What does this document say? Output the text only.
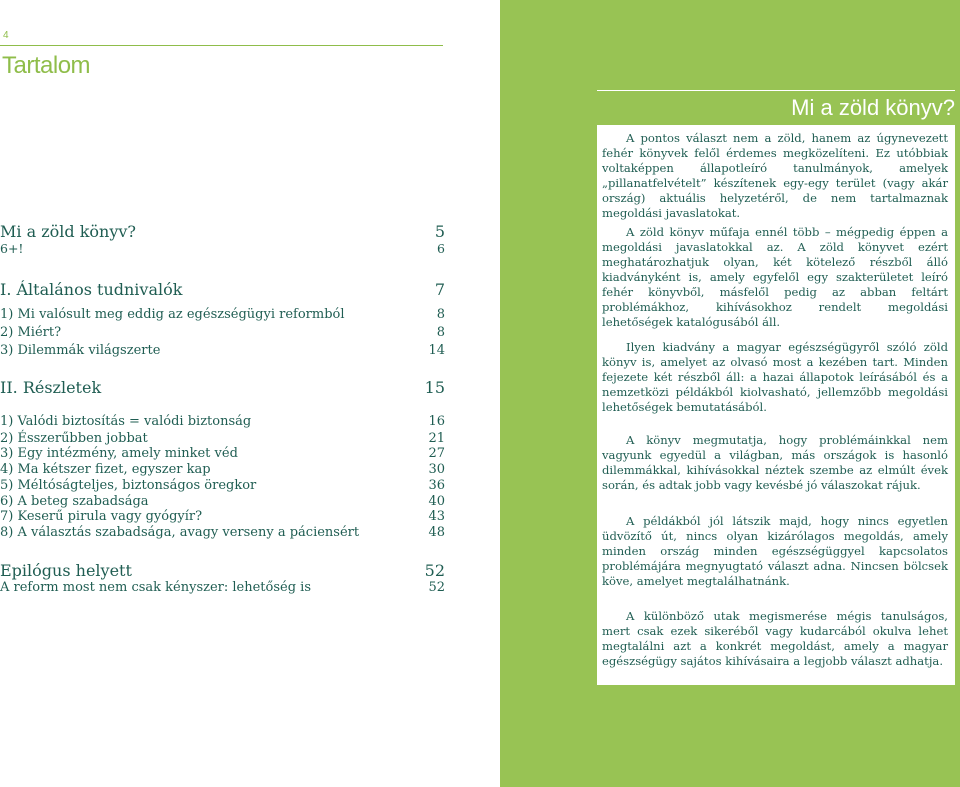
4
Tartalom
Mi a zöld könyv?	5
6+!	6
I. Általános tudnivalók	7
1) Mi valósult meg eddig az egészségügyi reformból	8
2) Miért?	8
3) Dilemmák világszerte	14
II. Részletek	15
1) Valódi biztosítás = valódi biztonság	16
2) Ésszerűbben jobbat	21
3) Egy intézmény, amely minket véd	27
4) Ma kétszer fizet, egyszer kap	30
5) Méltóságteljes, biztonságos öregkor	36
6) A beteg szabadsága	40
7) Keserű pirula vagy gyógyír?	43
8) A választás szabadsága, avagy verseny a páciensért	48
Epilógus helyett	52
A reform most nem csak kényszer: lehetőség is	52
Mi a zöld könyv?
A pontos választ nem a zöld, hanem az úgynevezett fehér könyvek felől érdemes megközelíteni. Ez utóbbiak voltaképpen állapotleíró tanulmányok, amelyek „pillanatfelvételt” készítenek egy-egy terület (vagy akár ország) aktuális helyzetéről, de nem tartalmaznak megoldási javaslatokat.
A zöld könyv műfaja ennél több – mégpedig éppen a megoldási javaslatokkal az. A zöld könyvet ezért meghatározhatjuk olyan, két kötelező részből álló kiadványként is, amely egyfelől egy szakterületet leíró fehér könyvből, másfelől pedig az abban feltárt problémákhoz, kihívásokhoz rendelt megoldási lehetőségek katalógusából áll.
Ilyen kiadvány a magyar egészségügyről szóló zöld könyv is, amelyet az olvasó most a kezében tart. Minden fejezete két részből áll: a hazai állapotok leírásából és a nemzetközi példákból kiolvasható, jellemzőbb megoldási lehetőségek bemutatásából.
A könyv megmutatja, hogy problémáinkkal nem vagyunk egyedül a világban, más országok is hasonló dilemmákkal, kihívásokkal néztek szembe az elmúlt évek során, és adtak jobb vagy kevésbé jó válaszokat rájuk.
A példákból jól látszik majd, hogy nincs egyetlen üdvözítő út, nincs olyan kizárólagos megoldás, amely minden ország minden egészségüggyel kapcsolatos problémájára megnyugtató választ adna. Nincsen bölcsek köve, amelyet megtalálhatnánk.
A különböző utak megismerése mégis tanulságos, mert csak ezek sikeréből vagy kudarcából okulva lehet megtalálni azt a konkrét megoldást, amely a magyar egészségügy sajátos kihívásaira a legjobb választ adhatja.
